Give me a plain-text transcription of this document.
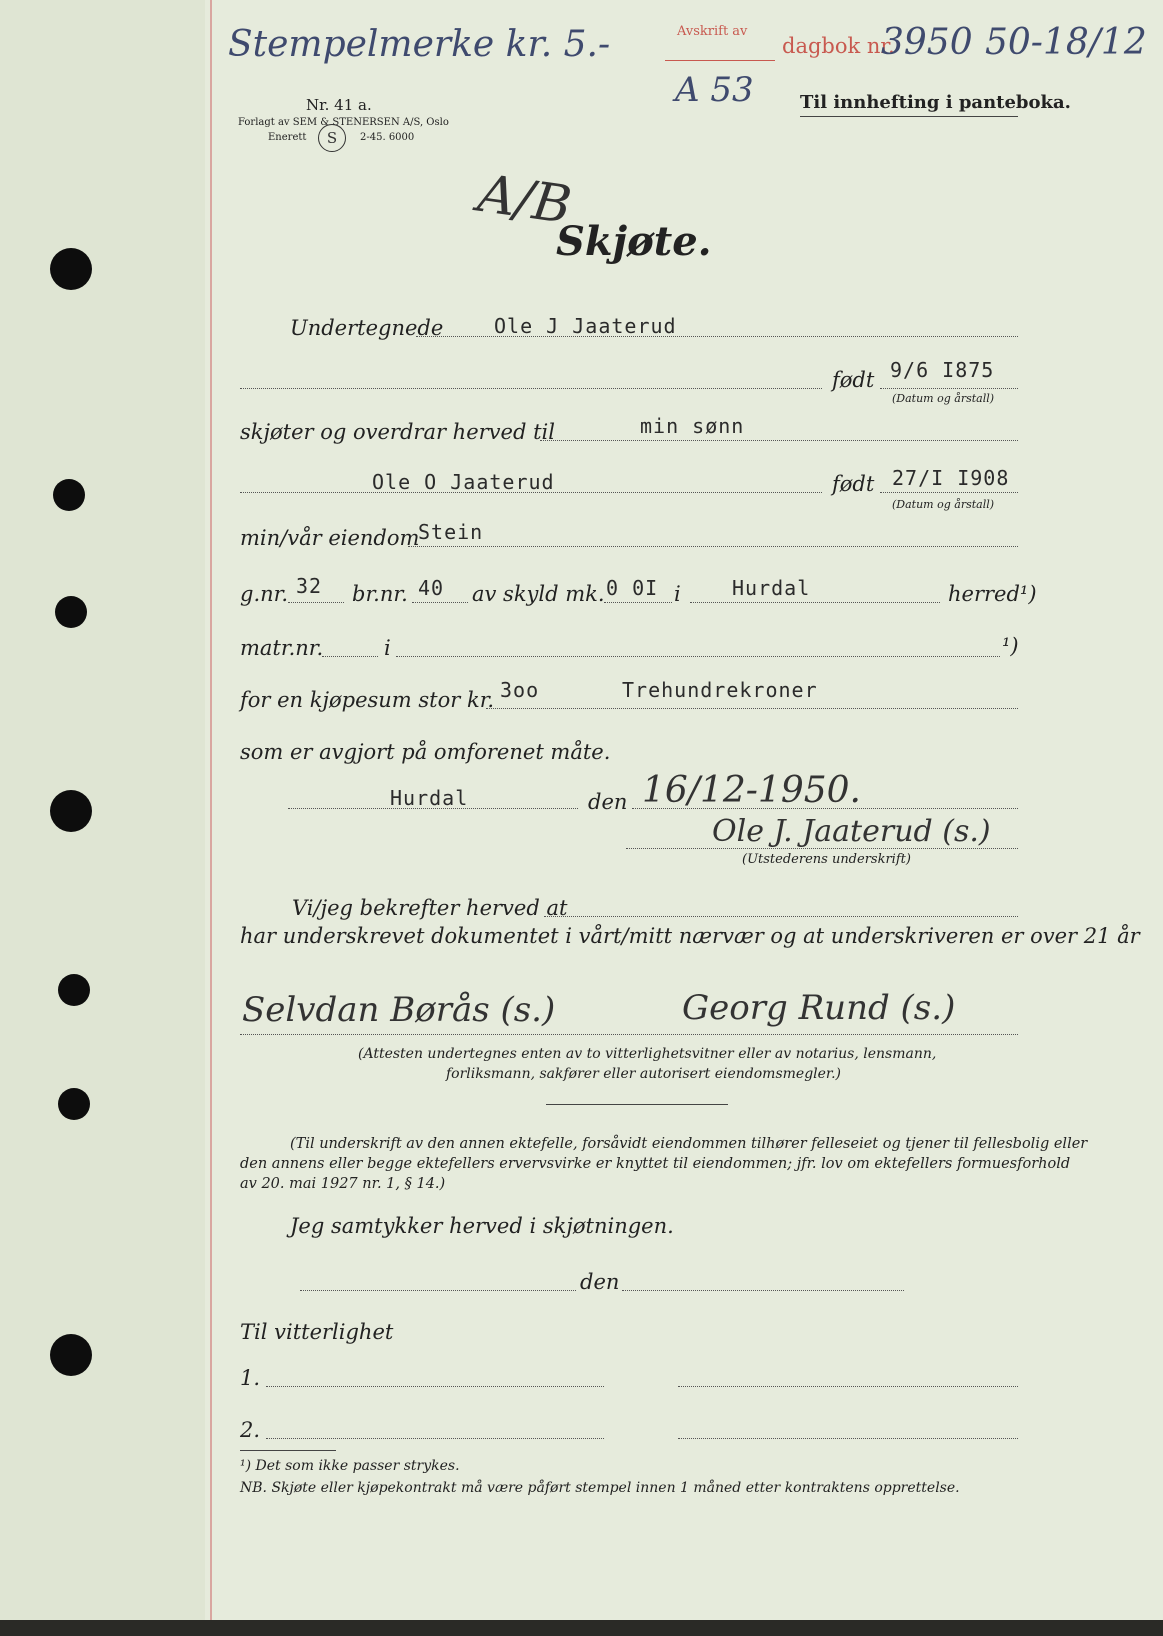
Stempelmerke kr. 5.-	Avskrift av
dagbok nr.
3950 50-18/12
A 53	Til innhefting i panteboka.
Nr. 41 a.
Forlagt av SEM & STENERSEN A/S, Oslo
Enerett	S	2-45. 6000
A/B
Skjøte.
Undertegnede	Ole J Jaaterud
født 9/6 I875
(Datum og årstall)
skjøter og overdrar herved til	min sønn
Ole O Jaaterud	født 27/I I908
(Datum og årstall)
min/vår eiendom
Stein
g.nr. 32 br.nr. 40 av skyld mk. 0 0I i	Hurdal	herred¹)
matr.nr.	i	¹)
for en kjøpesum stor kr. 3oo	Trehundrekroner
som er avgjort på omforenet måte.
Hurdal	den 16/12-1950.
Ole J. Jaaterud (s.)
(Utstederens underskrift)
Vi/jeg bekrefter herved at
har underskrevet dokumentet i vårt/mitt nærvær og at underskriveren er over 21 år
Selvdan Børås (s.)	Georg Rund (s.)
(Attesten undertegnes enten av to vitterlighetsvitner eller av notarius, lensmann,
forliksmann, sakfører eller autorisert eiendomsmegler.)
(Til underskrift av den annen ektefelle, forsåvidt eiendommen tilhører felleseiet og tjener til fellesbolig eller
den annens eller begge ektefellers ervervsvirke er knyttet til eiendommen; jfr. lov om ektefellers formuesforhold
av 20. mai 1927 nr. 1, § 14.)
Jeg samtykker herved i skjøtningen.
den
Til vitterlighet
1.
2.
¹) Det som ikke passer strykes.
NB. Skjøte eller kjøpekontrakt må være påført stempel innen 1 måned etter kontraktens opprettelse.
